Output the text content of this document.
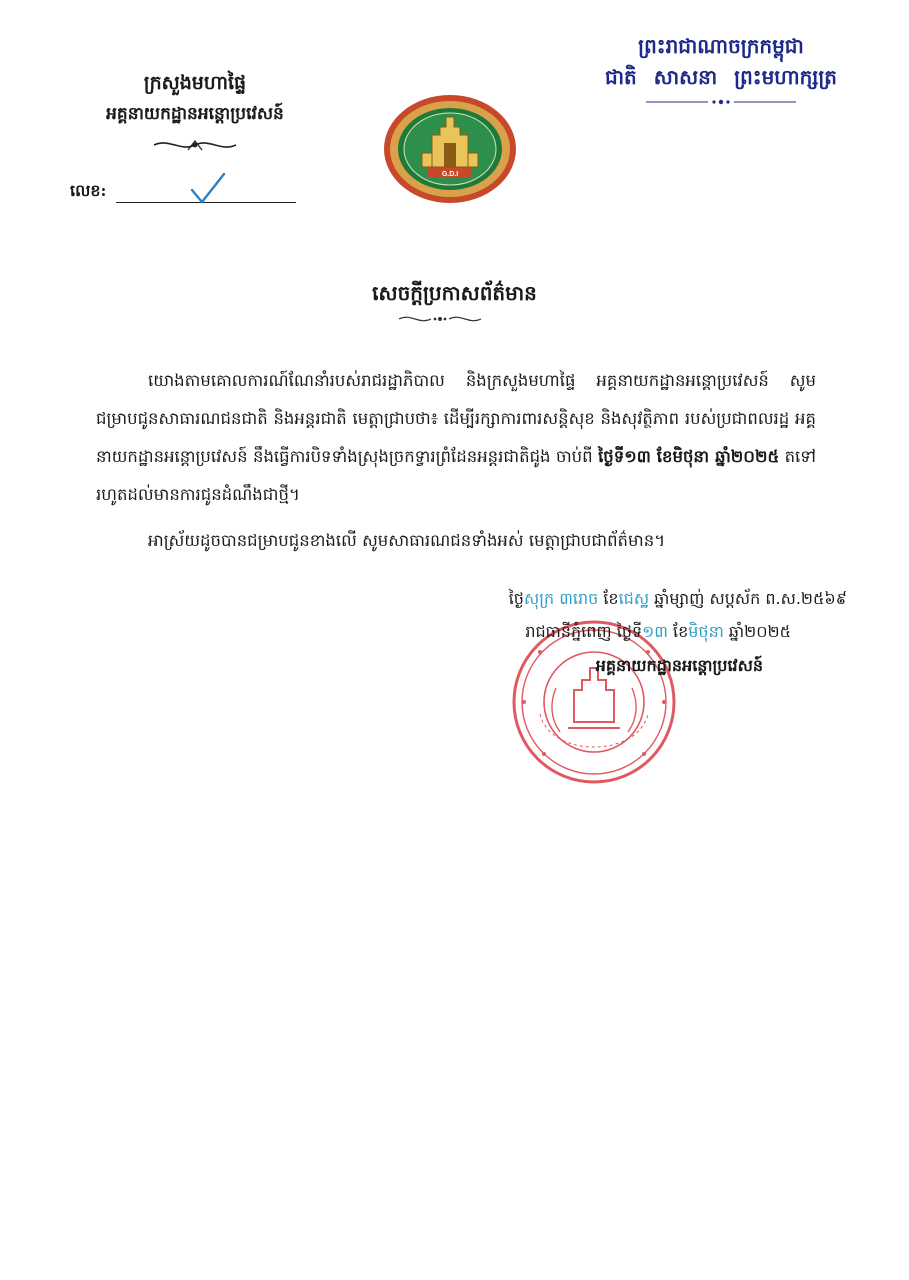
ព្រះរាជាណាចក្រកម្ពុជា
ជាតិ សាសនា ព្រះមហាក្សត្រ
ក្រសួងមហាផ្ទៃ
អគ្គនាយកដ្ឋានអន្តោប្រវេសន៍
លេខ:
G.D.I
សេចក្តីប្រកាសព័ត៌មាន
យោងតាមគោលការណ៍ណែនាំរបស់រាជរដ្ឋាភិបាល និងក្រសួងមហាផ្ទៃ អគ្គនាយកដ្ឋានអន្តោប្រវេសន៍ សូមជម្រាបជូនសាធារណជនជាតិ និងអន្តរជាតិ មេត្តាជ្រាបថា៖ ដើម្បីរក្សាការពារសន្តិសុខ និងសុវត្ថិភាព របស់ប្រជាពលរដ្ឋ អគ្គនាយកដ្ឋានអន្តោប្រវេសន៍ នឹងធ្វើការបិទទាំងស្រុងច្រកទ្វារព្រំដែនអន្តរជាតិជូង ចាប់ពី ថ្ងៃទី១៣ ខែមិថុនា ឆ្នាំ២០២៥ តទៅ រហូតដល់មានការជូនដំណឹងជាថ្មី។
អាស្រ័យដូចបានជម្រាបជូនខាងលើ សូមសាធារណជនទាំងអស់ មេត្តាជ្រាបជាព័ត៌មាន។
ថ្ងៃសុក្រ ៣រោច ខែជេស្ឋ ឆ្នាំម្សាញ់ សប្តស័ក ព.ស.២៥៦៩
រាជធានីភ្នំពេញ ថ្ងៃទី១៣ ខែមិថុនា ឆ្នាំ២០២៥
អគ្គនាយកដ្ឋានអន្តោប្រវេសន៍
